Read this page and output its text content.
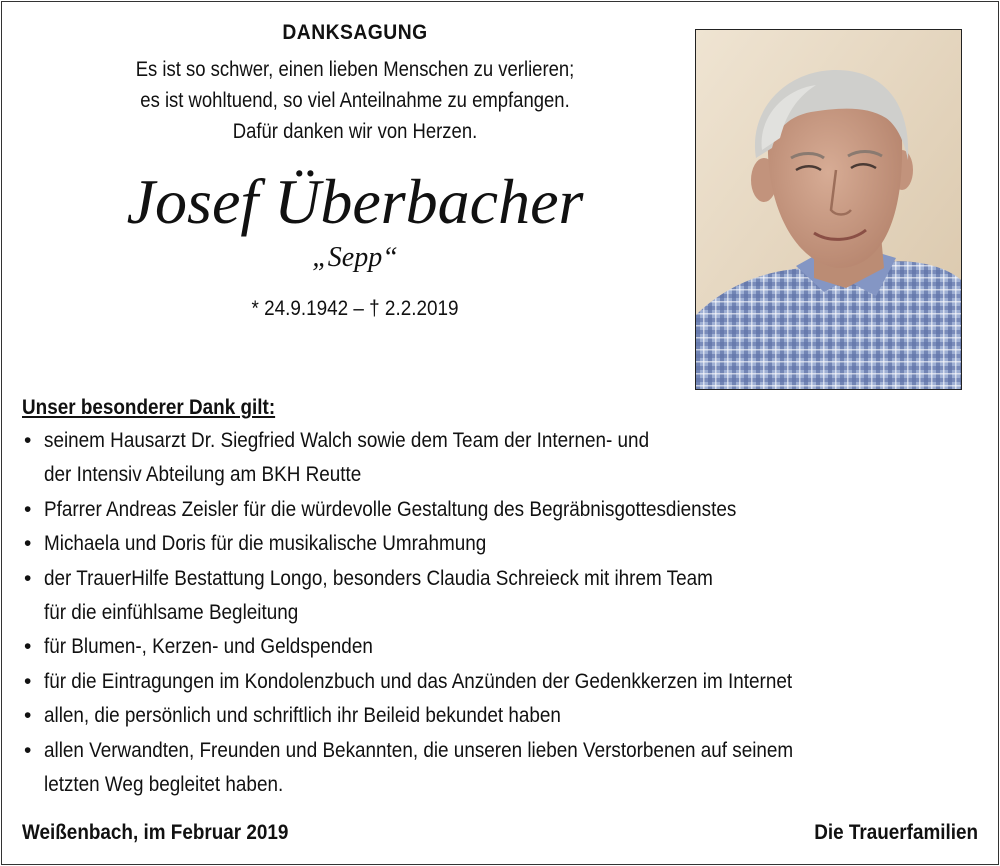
DANKSAGUNG
Es ist so schwer, einen lieben Menschen zu verlieren;
es ist wohltuend, so viel Anteilnahme zu empfangen.
Dafür danken wir von Herzen.
Josef Überbacher
„Sepp“
* 24.9.1942 – † 2.2.2019
Unser besonderer Dank gilt:
• seinem Hausarzt Dr. Siegfried Walch sowie dem Team der Internen- und
der Intensiv Abteilung am BKH Reutte
• Pfarrer Andreas Zeisler für die würdevolle Gestaltung des Begräbnisgottesdienstes
• Michaela und Doris für die musikalische Umrahmung
• der TrauerHilfe Bestattung Longo, besonders Claudia Schreieck mit ihrem Team
für die einfühlsame Begleitung
• für Blumen-, Kerzen- und Geldspenden
• für die Eintragungen im Kondolenzbuch und das Anzünden der Gedenkkerzen im Internet
• allen, die persönlich und schriftlich ihr Beileid bekundet haben
• allen Verwandten, Freunden und Bekannten, die unseren lieben Verstorbenen auf seinem
letzten Weg begleitet haben.
Weißenbach, im Februar 2019	Die Trauerfamilien
